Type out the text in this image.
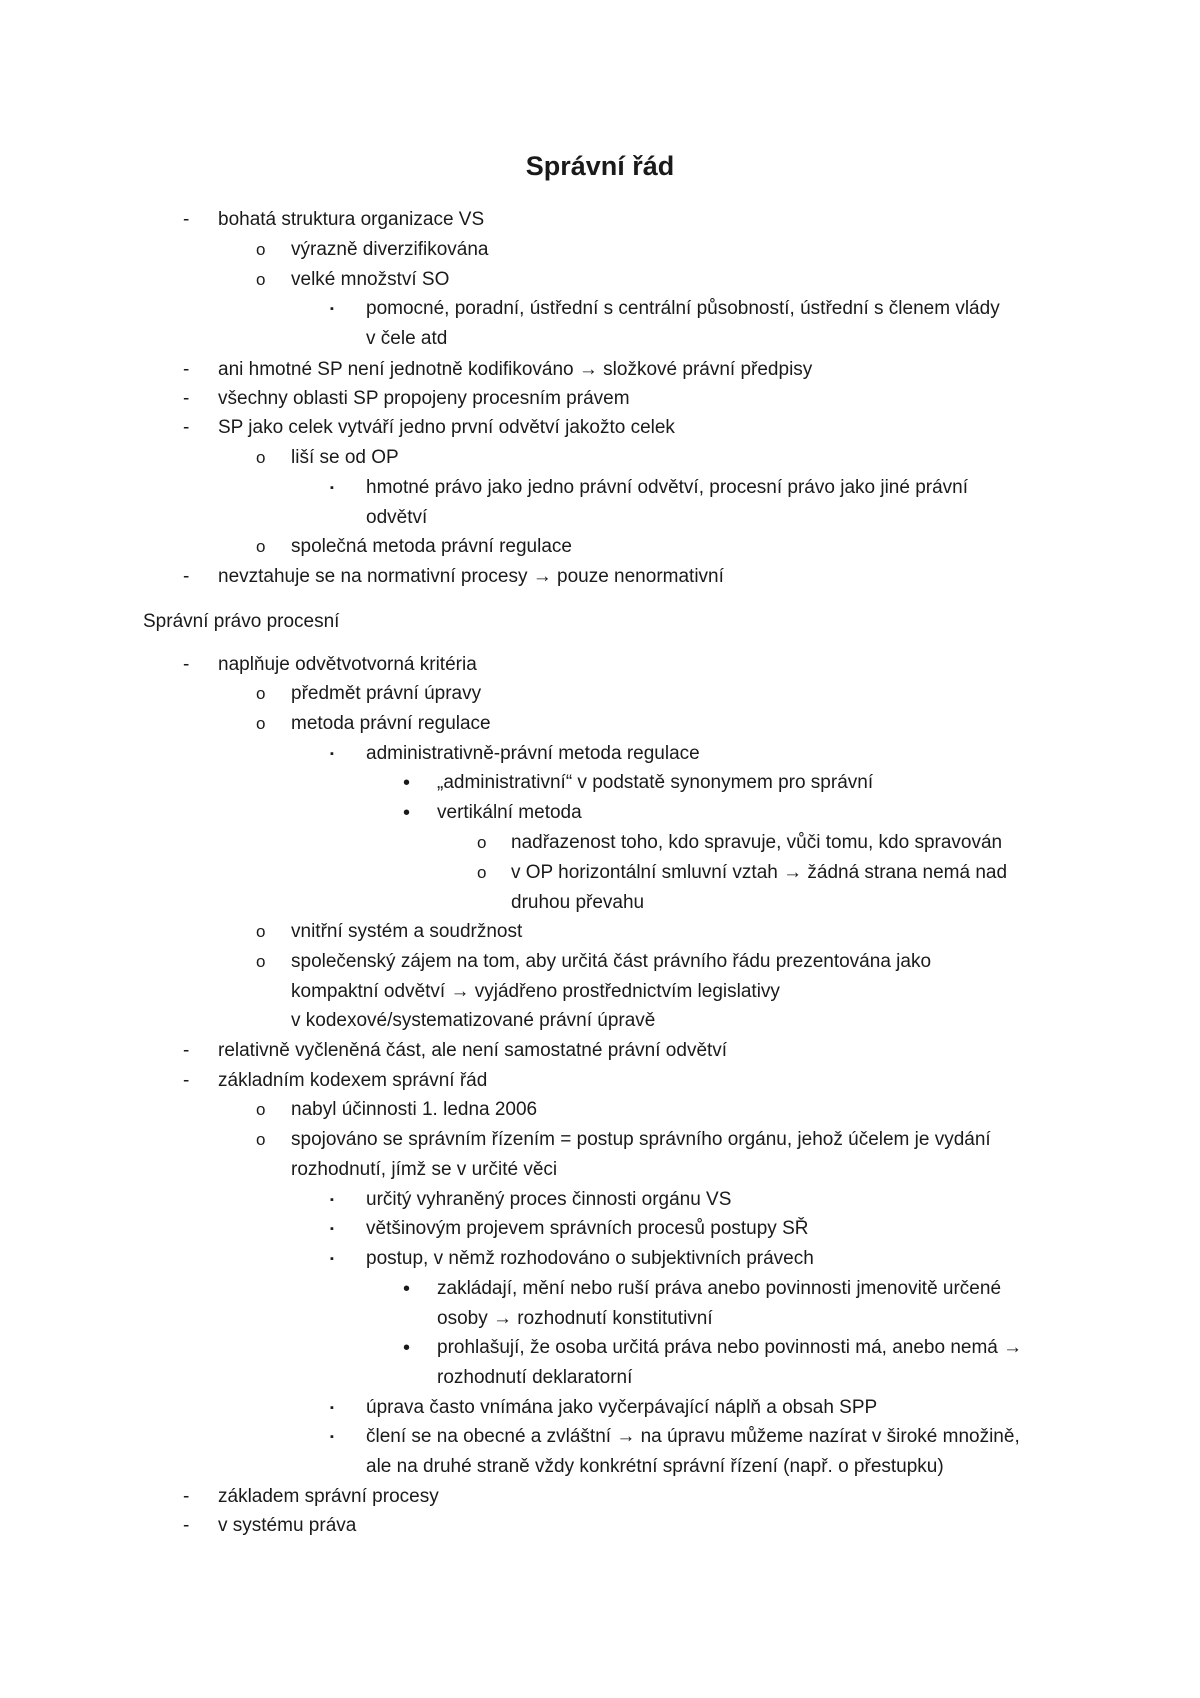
Správní řád
- bohatá struktura organizace VS
o výrazně diverzifikována
o velké množství SO
▪ pomocné, poradní, ústřední s centrální působností, ústřední s členem vlády
v čele atd
- ani hmotné SP není jednotně kodifikováno → složkové právní předpisy
- všechny oblasti SP propojeny procesním právem
- SP jako celek vytváří jedno první odvětví jakožto celek
o liší se od OP
▪ hmotné právo jako jedno právní odvětví, procesní právo jako jiné právní
odvětví
o společná metoda právní regulace
- nevztahuje se na normativní procesy → pouze nenormativní
Správní právo procesní
- naplňuje odvětvotvorná kritéria
o předmět právní úpravy
o metoda právní regulace
▪ administrativně-právní metoda regulace
• „administrativní“ v podstatě synonymem pro správní
• vertikální metoda
o nadřazenost toho, kdo spravuje, vůči tomu, kdo spravován
o v OP horizontální smluvní vztah → žádná strana nemá nad
druhou převahu
o vnitřní systém a soudržnost
o společenský zájem na tom, aby určitá část právního řádu prezentována jako
kompaktní odvětví → vyjádřeno prostřednictvím legislativy
v kodexové/systematizované právní úpravě
- relativně vyčleněná část, ale není samostatné právní odvětví
- základním kodexem správní řád
o nabyl účinnosti 1. ledna 2006
o spojováno se správním řízením = postup správního orgánu, jehož účelem je vydání
rozhodnutí, jímž se v určité věci
▪ určitý vyhraněný proces činnosti orgánu VS
▪ většinovým projevem správních procesů postupy SŘ
▪ postup, v němž rozhodováno o subjektivních právech
• zakládají, mění nebo ruší práva anebo povinnosti jmenovitě určené
osoby → rozhodnutí konstitutivní
• prohlašují, že osoba určitá práva nebo povinnosti má, anebo nemá →
rozhodnutí deklaratorní
▪ úprava často vnímána jako vyčerpávající náplň a obsah SPP
▪ člení se na obecné a zvláštní → na úpravu můžeme nazírat v široké množině,
ale na druhé straně vždy konkrétní správní řízení (např. o přestupku)
- základem správní procesy
- v systému práva
